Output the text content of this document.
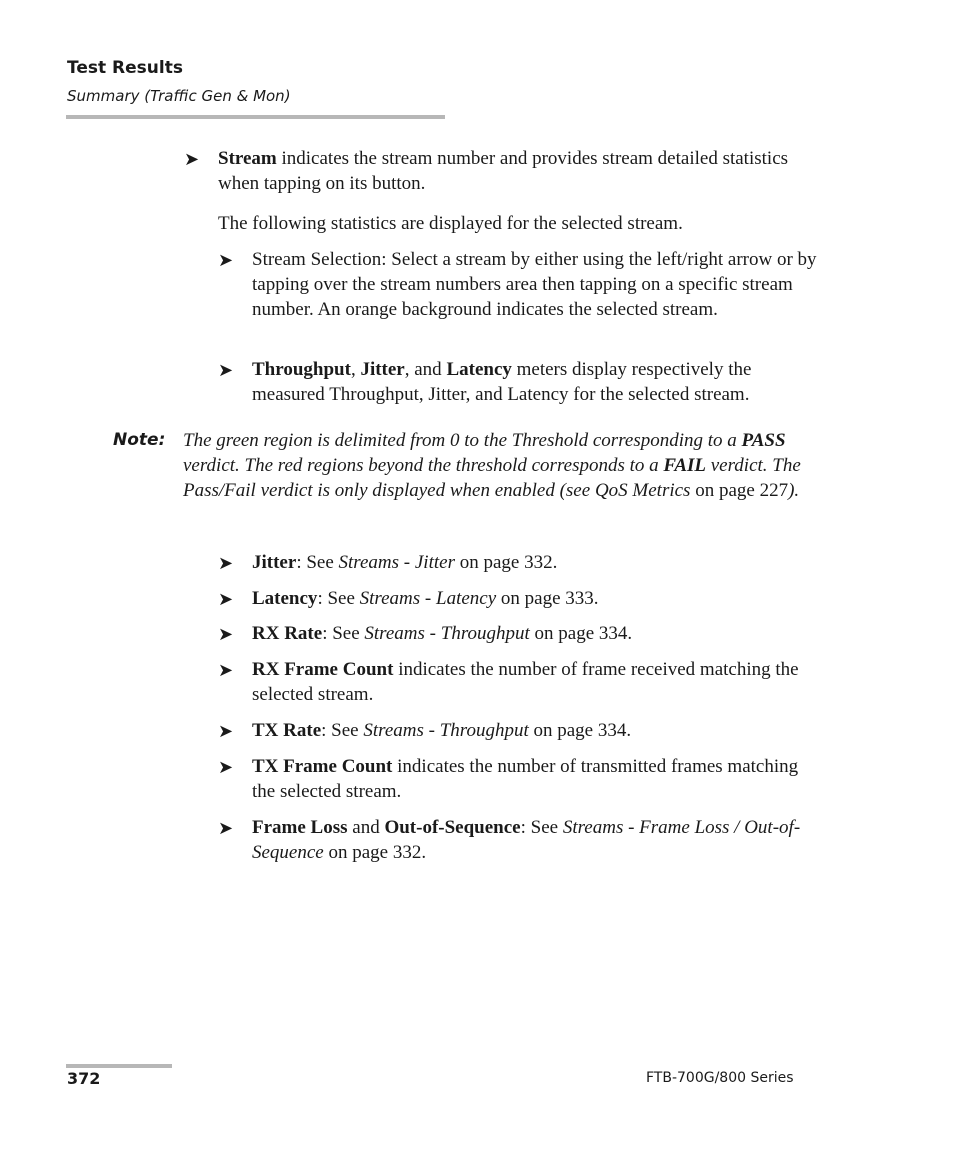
Test Results
Summary (Traffic Gen & Mon)
➤ Stream indicates the stream number and provides stream detailed statistics when tapping on its button.
The following statistics are displayed for the selected stream.
➤ Stream Selection: Select a stream by either using the left/right arrow or by tapping over the stream numbers area then tapping on a specific stream number. An orange background indicates the selected stream.
➤ Throughput, Jitter, and Latency meters display respectively the measured Throughput, Jitter, and Latency for the selected stream.
Note: The green region is delimited from 0 to the Threshold corresponding to a PASS verdict. The red regions beyond the threshold corresponds to a FAIL verdict. The Pass/Fail verdict is only displayed when enabled (see QoS Metrics on page 227).
➤ Jitter: See Streams - Jitter on page 332.
➤ Latency: See Streams - Latency on page 333.
➤ RX Rate: See Streams - Throughput on page 334.
➤ RX Frame Count indicates the number of frame received matching the selected stream.
➤ TX Rate: See Streams - Throughput on page 334.
➤ TX Frame Count indicates the number of transmitted frames matching the selected stream.
➤ Frame Loss and Out-of-Sequence: See Streams - Frame Loss / Out-of-Sequence on page 332.
372	FTB-700G/800 Series
